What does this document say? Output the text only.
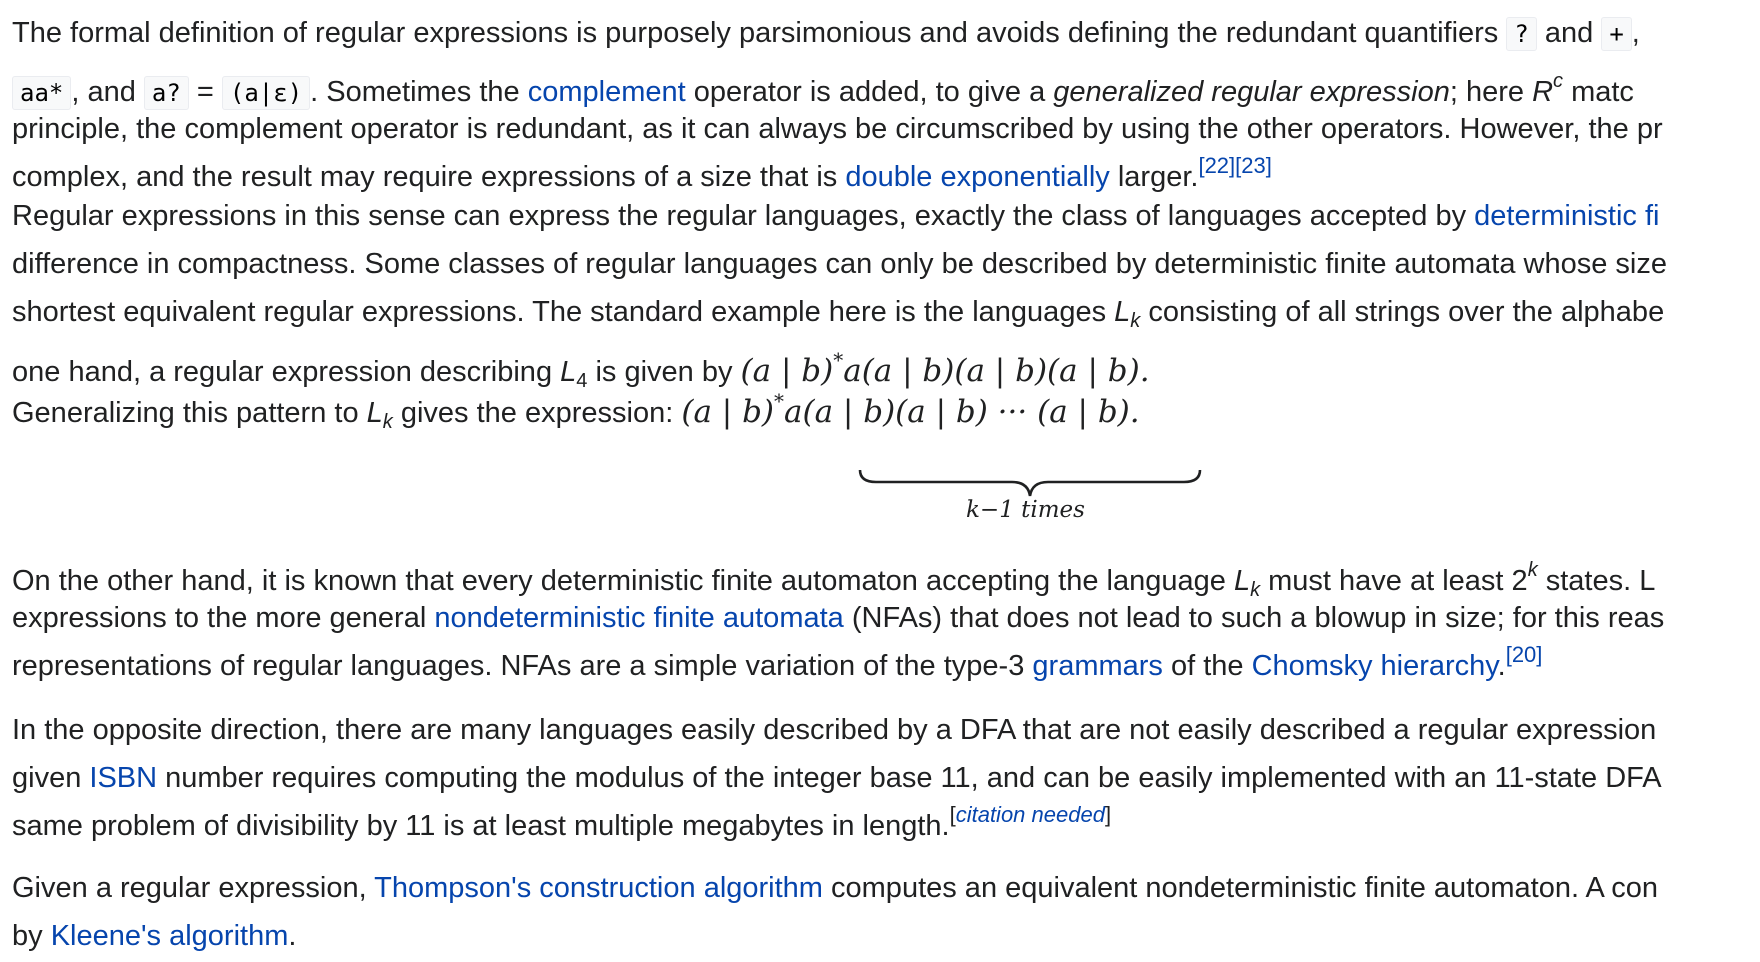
The formal definition of regular expressions is purposely parsimonious and avoids defining the redundant quantifiers ? and + ,
aa* , and a? = (a|ε) . Sometimes the complement operator is added, to give a generalized regular expression; here $R^c$ matc
principle, the complement operator is redundant, as it can always be circumscribed by using the other operators. However, the pr
complex, and the result may require expressions of a size that is double exponentially larger.[22][23]
Regular expressions in this sense can express the regular languages, exactly the class of languages accepted by deterministic fi
difference in compactness. Some classes of regular languages can only be described by deterministic finite automata whose size
shortest equivalent regular expressions. The standard example here is the languages $L_k$ consisting of all strings over the alphabe
one hand, a regular expression describing $L_4$ is given by (a | b)*a(a | b)(a | b)(a | b).
Generalizing this pattern to $L_k$ gives the expression: (a | b)*a(a | b)(a | b) ··· (a | b).
k−1 times
On the other hand, it is known that every deterministic finite automaton accepting the language $L_k$ must have at least 2$^k$ states. L
expressions to the more general nondeterministic finite automata (NFAs) that does not lead to such a blowup in size; for this reas
representations of regular languages. NFAs are a simple variation of the type-3 grammars of the Chomsky hierarchy.[20]
In the opposite direction, there are many languages easily described by a DFA that are not easily described a regular expression
given ISBN number requires computing the modulus of the integer base 11, and can be easily implemented with an 11-state DFA
same problem of divisibility by 11 is at least multiple megabytes in length.[citation needed]
Given a regular expression, Thompson's construction algorithm computes an equivalent nondeterministic finite automaton. A con
by Kleene's algorithm.
